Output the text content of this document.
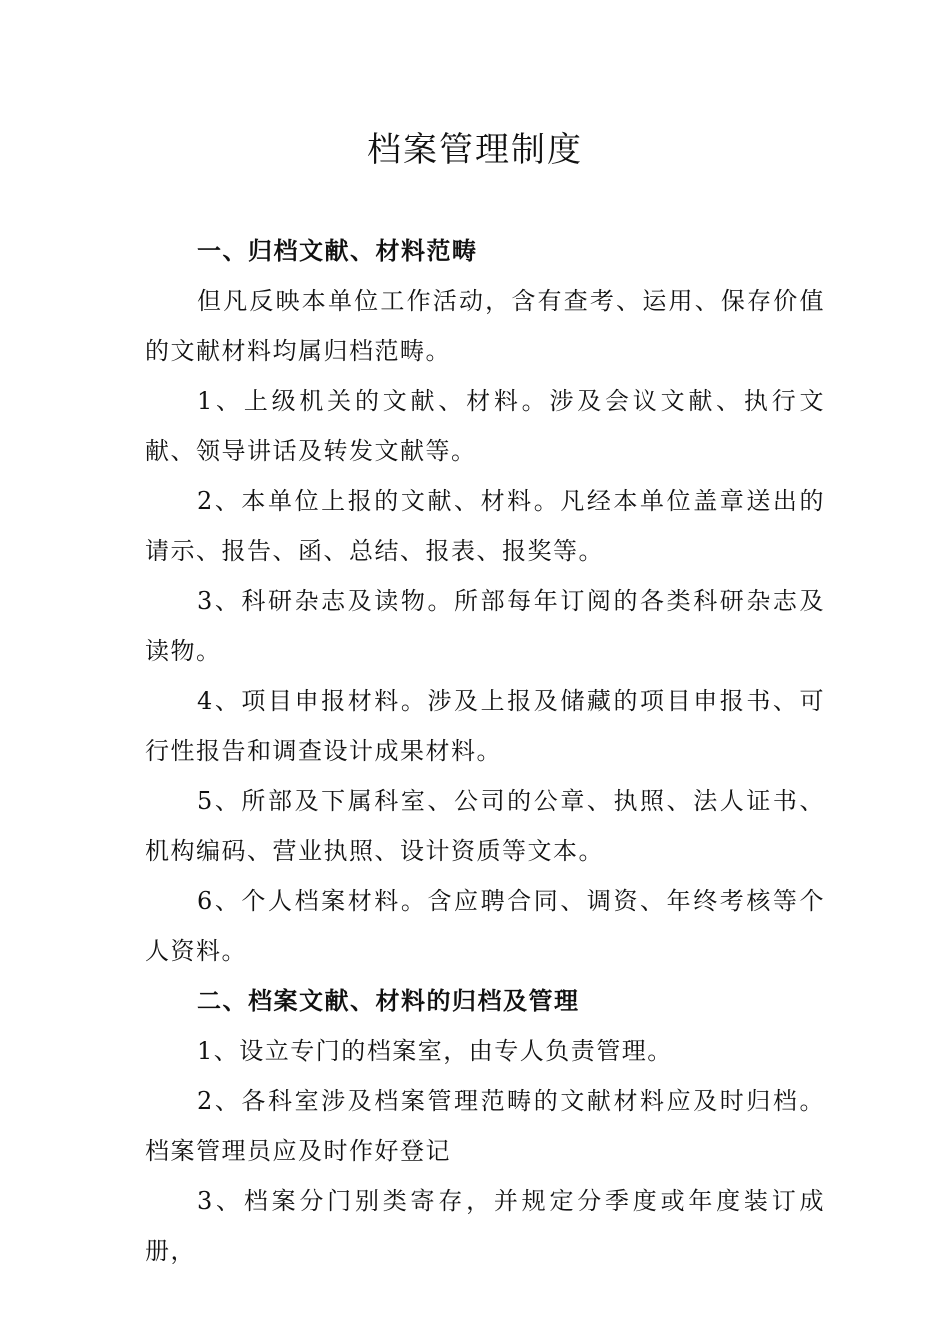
档案管理制度

一、归档文献、材料范畴

但凡反映本单位工作活动，含有查考、运用、保存价值的文献材料均属归档范畴。

1、上级机关的文献、材料。涉及会议文献、执行文献、领导讲话及转发文献等。

2、本单位上报的文献、材料。凡经本单位盖章送出的请示、报告、函、总结、报表、报奖等。

3、科研杂志及读物。所部每年订阅的各类科研杂志及读物。

4、项目申报材料。涉及上报及储藏的项目申报书、可行性报告和调查设计成果材料。

5、所部及下属科室、公司的公章、执照、法人证书、机构编码、营业执照、设计资质等文本。

6、个人档案材料。含应聘合同、调资、年终考核等个人资料。

二、档案文献、材料的归档及管理

1、设立专门的档案室，由专人负责管理。

2、各科室涉及档案管理范畴的文献材料应及时归档。档案管理员应及时作好登记

3、档案分门别类寄存，并规定分季度或年度装订成册，
